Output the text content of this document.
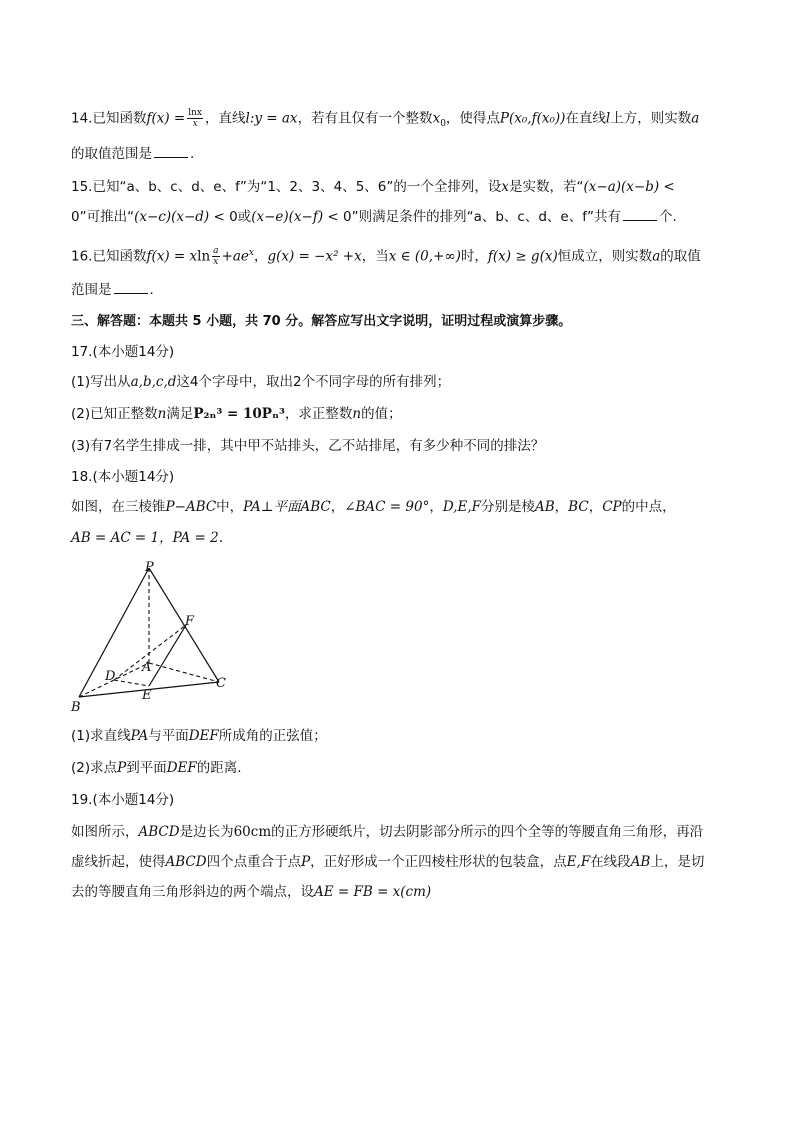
14.已知函数$f(x) = \frac{\ln x}{x}$ ，直线l:y = ax，若有且仅有一个整数$x_0$，使得点P(x₀,f(x₀))在直线l上方，则实数a
的取值范围是	.
15.已知“a、b、c、d、e、f”为“1、2、3、4、5、6”的一个全排列，设x是实数，若“(x−a)(x−b) <
0”可推出“(x−c)(x−d) < 0或(x−e)(x−f) < 0”则满足条件的排列“a、b、c、d、e、f”共有	个.
16.已知函数f(x) = xln $\frac{a}{x} +ae^x$，g(x) = −x² +x，当x ∈ (0,+∞)时，f(x) ≥ g(x)恒成立，则实数a的取值
范围是	.
三、解答题：本题共 5 小题，共 70 分。解答应写出文字说明，证明过程或演算步骤。
17.(本小题14分)
(1)写出从a,b,c,d这4个字母中，取出2个不同字母的所有排列；
(2)已知正整数n满足P₂ₙ³ = 10Pₙ³，求正整数n的值；
(3)有7名学生排成一排，其中甲不站排头，乙不站排尾，有多少种不同的排法？
18.(本小题14分)
如图，在三棱锥P−ABC中，PA⊥平面ABC，∠BAC = 90°，D,E,F分别是棱AB，BC，CP的中点，
AB = AC = 1，PA = 2.
P
F
A
D
E
C
B
(1)求直线PA与平面DEF所成角的正弦值；
(2)求点P到平面DEF的距离.
19.(本小题14分)
如图所示，ABCD是边长为60cm的正方形硬纸片，切去阴影部分所示的四个全等的等腰直角三角形，再沿
虚线折起，使得ABCD四个点重合于点P，正好形成一个正四棱柱形状的包装盒，点E,F在线段AB上，是切
去的等腰直角三角形斜边的两个端点，设AE = FB = x(cm)
